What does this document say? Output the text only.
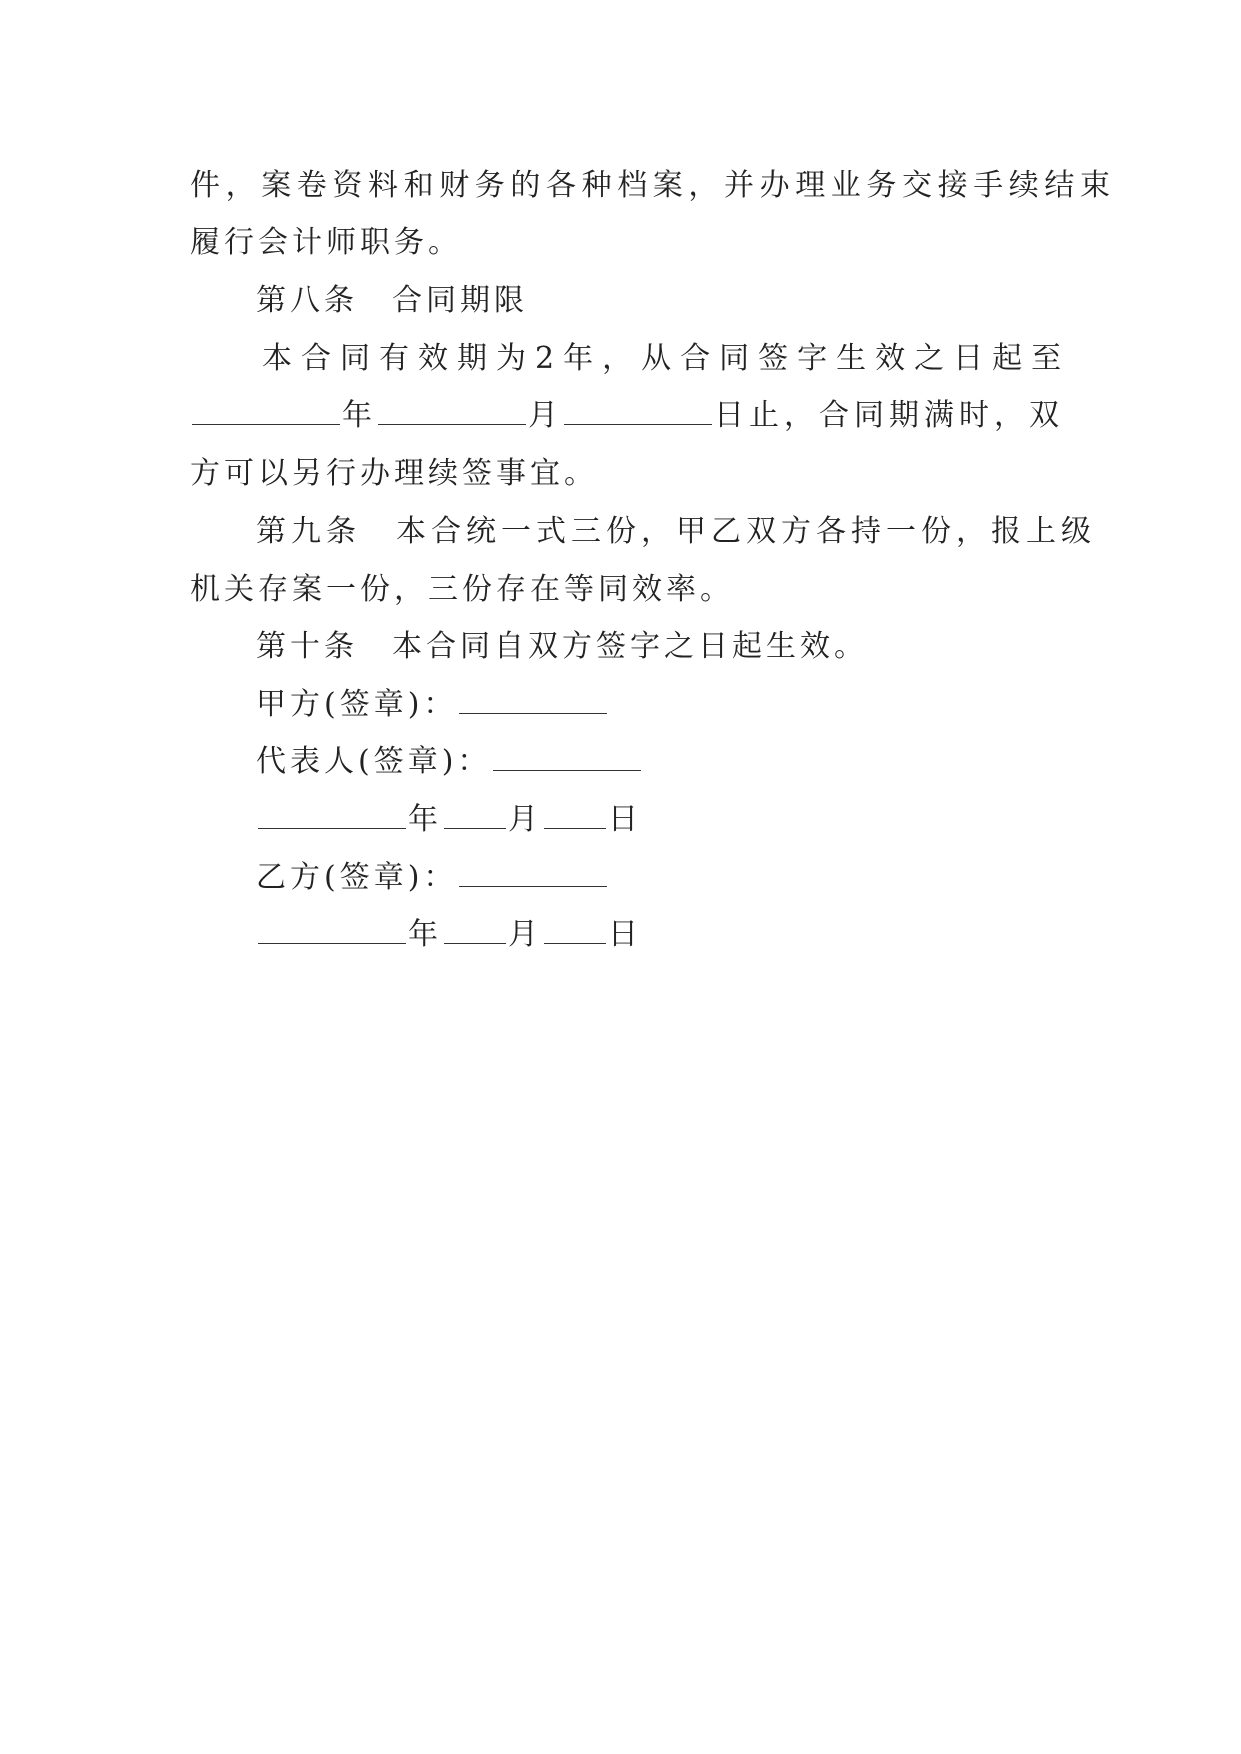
件，案卷资料和财务的各种档案，并办理业务交接手续结束
履行会计师职务。
第八条　合同期限
本合同有效期为2年，从合同签字生效之日起至
年	月	日止，合同期满时，双
方可以另行办理续签事宜。
第九条　本合统一式三份，甲乙双方各持一份，报上级
机关存案一份，三份存在等同效率。
第十条　本合同自双方签字之日起生效。
甲方(签章)：
代表人(签章)：
年 月 日
乙方(签章)：
年 月 日
